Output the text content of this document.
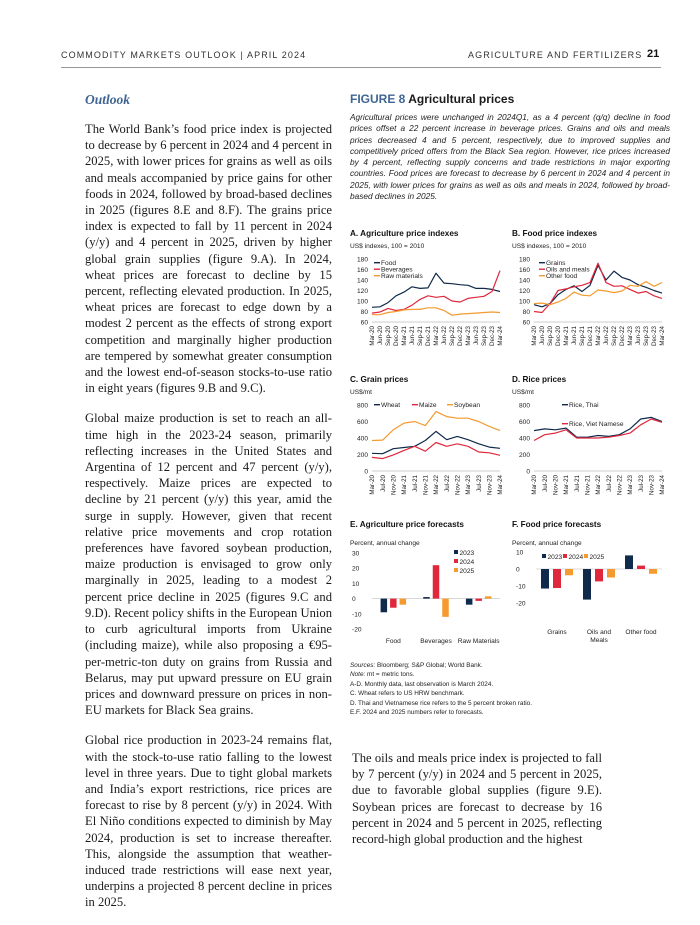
COMMODITY MARKETS OUTLOOK | APRIL 2024	AGRICULTURE AND FERTILIZERS 21
Outlook

The World Bank’s food price index is projected to decrease by 6 percent in 2024 and 4 percent in 2025, with lower prices for grains as well as oils and meals accompanied by price gains for other foods in 2024, followed by broad-based declines in 2025 (figures 8.E and 8.F). The grains price index is expected to fall by 11 percent in 2024 (y/y) and 4 percent in 2025, driven by higher global grain supplies (figure 9.A). In 2024, wheat prices are forecast to decline by 15 percent, reflecting elevated production. In 2025, wheat prices are forecast to edge down by a modest 2 percent as the effects of strong export competition and marginally higher production are tempered by somewhat greater consumption and the lowest end-of-season stocks-to-use ratio in eight years (figures 9.B and 9.C).

Global maize production is set to reach an all-time high in the 2023-24 season, primarily reflecting increases in the United States and Argentina of 12 percent and 47 percent (y/y), respectively. Maize prices are expected to decline by 21 percent (y/y) this year, amid the surge in supply. However, given that recent relative price movements and crop rotation preferences have favored soybean production, maize production is envisaged to grow only marginally in 2025, leading to a modest 2 percent price decline in 2025 (figures 9.C and 9.D). Recent policy shifts in the European Union to curb agricultural imports from Ukraine (including maize), while also proposing a €95-per-metric-ton duty on grains from Russia and Belarus, may put upward pressure on EU grain prices and downward pressure on prices in non-EU markets for Black Sea grains.

Global rice production in 2023-24 remains flat, with the stock-to-use ratio falling to the lowest level in three years. Due to tight global markets and India’s export restrictions, rice prices are forecast to rise by 8 percent (y/y) in 2024. With El Niño conditions expected to diminish by May 2024, production is set to increase thereafter. This, alongside the assumption that weather-induced trade restrictions will ease next year, underpins a projected 8 percent decline in prices in 2025.

FIGURE 8 Agricultural prices
Agricultural prices were unchanged in 2024Q1, as a 4 percent (q/q) decline in food prices offset a 22 percent increase in beverage prices. Grains and oils and meals prices decreased 4 and 5 percent, respectively, due to improved supplies and competitively priced offers from the Black Sea region. However, rice prices increased by 4 percent, reflecting supply concerns and trade restrictions in major exporting countries. Food prices are forecast to decrease by 6 percent in 2024 and 4 percent in 2025, with lower prices for grains as well as oils and meals in 2024, followed by broad-based declines in 2025.
A. Agriculture price indexes
US$ indexes, 100 = 2010
60
80
100
120
140
160
180
Mar-20 Jun-20 Sep-20 Dec-20 Mar-21 Jun-21 Sep-21 Dec-21 Mar-22 Jun-22 Sep-22 Dec-22 Mar-23 Jun-23 Sep-23 Dec-23 Mar-24
Food
Beverages
Raw materials
B. Food price indexes
US$ indexes, 100 = 2010
60
80
100
120
140
160
180
Mar-20 Jun-20 Sep-20 Dec-20 Mar-21 Jun-21 Sep-21 Dec-21 Mar-22 Jun-22 Sep-22 Dec-22 Mar-23 Jun-23 Sep-23 Dec-23 Mar-24
Grains
Oils and meals
Other food
C. Grain prices
US$/mt
0
200
400
600
800
Mar-20 Jul-20 Nov-20 Mar-21 Jul-21 Nov-21 Mar-22 Jul-22 Nov-22 Mar-23 Jul-23 Nov-23 Mar-24
Wheat	Maize	Soybean
D. Rice prices
US$/mt
0
200
400
600
800
Mar-20 Jul-20 Nov-20 Mar-21 Jul-21 Nov-21 Mar-22 Jul-22 Nov-22 Mar-23 Jul-23 Nov-23 Mar-24
Rice, Thai
Rice, Viet Namese
E. Agriculture price forecasts
Percent, annual change
-20
-10
0
10
20
30
Food	Beverages Raw Materials
2023
2024
2025
F. Food price forecasts
Percent, annual change
-20
-10
0
10
Grains	Oils and
Meals
Other food
2023 2024 2025
Sources: Bloomberg; S&P Global; World Bank.
Note: mt = metric tons.
A-D. Monthly data, last observation is March 2024.
C. Wheat refers to US HRW benchmark.
D. Thai and Vietnamese rice refers to the 5 percent broken ratio.
E.F. 2024 and 2025 numbers refer to forecasts.

The oils and meals price index is projected to fall by 7 percent (y/y) in 2024 and 5 percent in 2025, due to favorable global supplies (figure 9.E). Soybean prices are forecast to decrease by 16 percent in 2024 and 5 percent in 2025, reflecting record-high global production and the highest
